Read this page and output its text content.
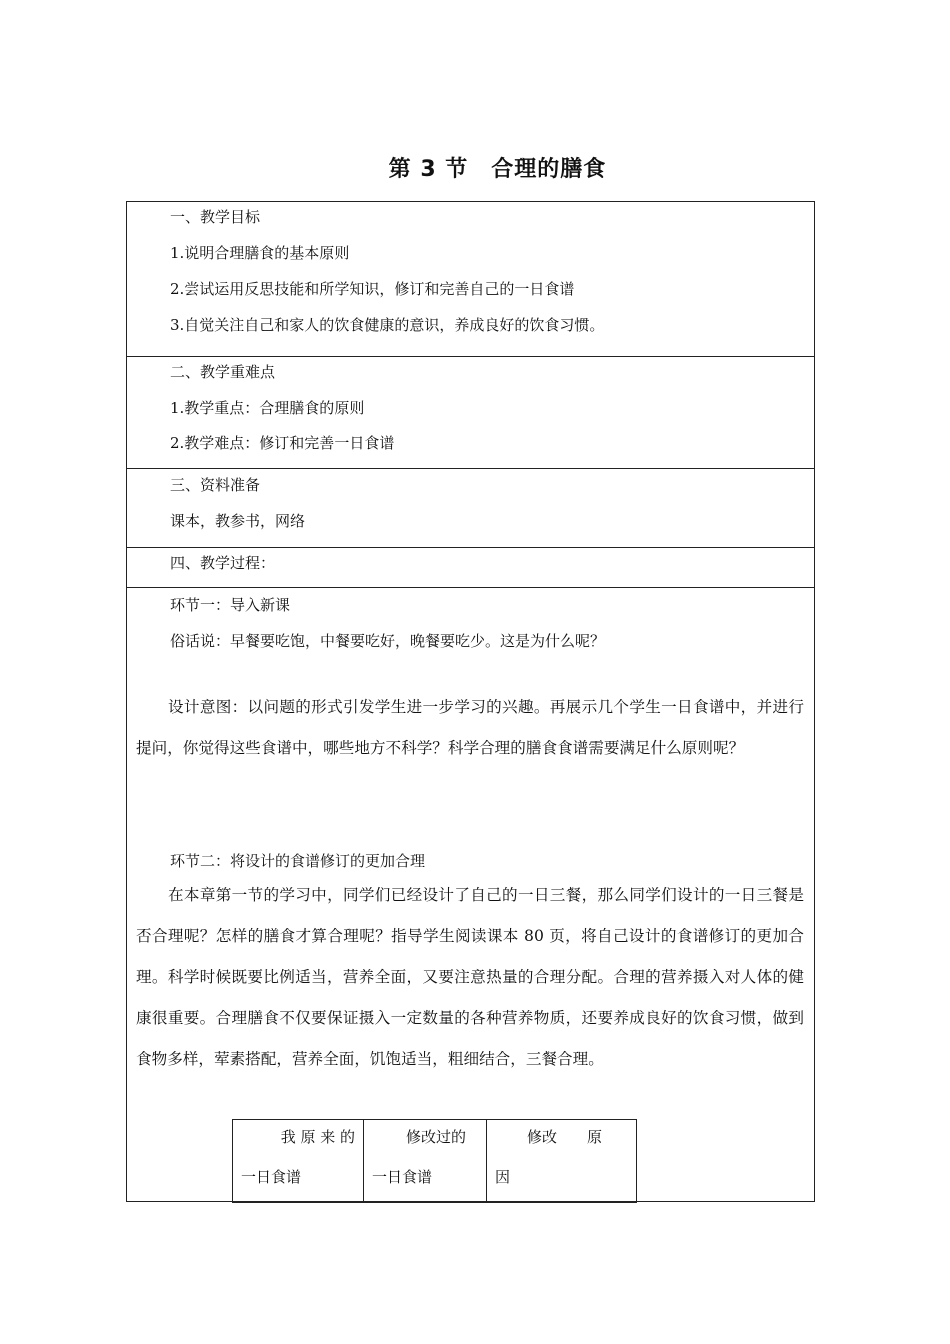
第 3 节　合理的膳食
一、教学目标
1.说明合理膳食的基本原则
2.尝试运用反思技能和所学知识，修订和完善自己的一日食谱
3.自觉关注自己和家人的饮食健康的意识，养成良好的饮食习惯。
二、教学重难点
1.教学重点：合理膳食的原则
2.教学难点：修订和完善一日食谱
三、资料准备
课本，教参书，网络
四、教学过程：
环节一：导入新课
俗话说：早餐要吃饱，中餐要吃好，晚餐要吃少。这是为什么呢？
设计意图：以问题的形式引发学生进一步学习的兴趣。再展示几个学生一日食谱中，并进行提问，你觉得这些食谱中，哪些地方不科学？科学合理的膳食食谱需要满足什么原则呢？
环节二：将设计的食谱修订的更加合理
在本章第一节的学习中，同学们已经设计了自己的一日三餐，那么同学们设计的一日三餐是否合理呢？怎样的膳食才算合理呢？指导学生阅读课本 80 页，将自己设计的食谱修订的更加合理。科学时候既要比例适当，营养全面，又要注意热量的合理分配。合理的营养摄入对人体的健康很重要。合理膳食不仅要保证摄入一定数量的各种营养物质，还要养成良好的饮食习惯，做到食物多样，荤素搭配，营养全面，饥饱适当，粗细结合，三餐合理。
我 原 来 的
一日食谱
修改过的
一日食谱
修改　　原
因
